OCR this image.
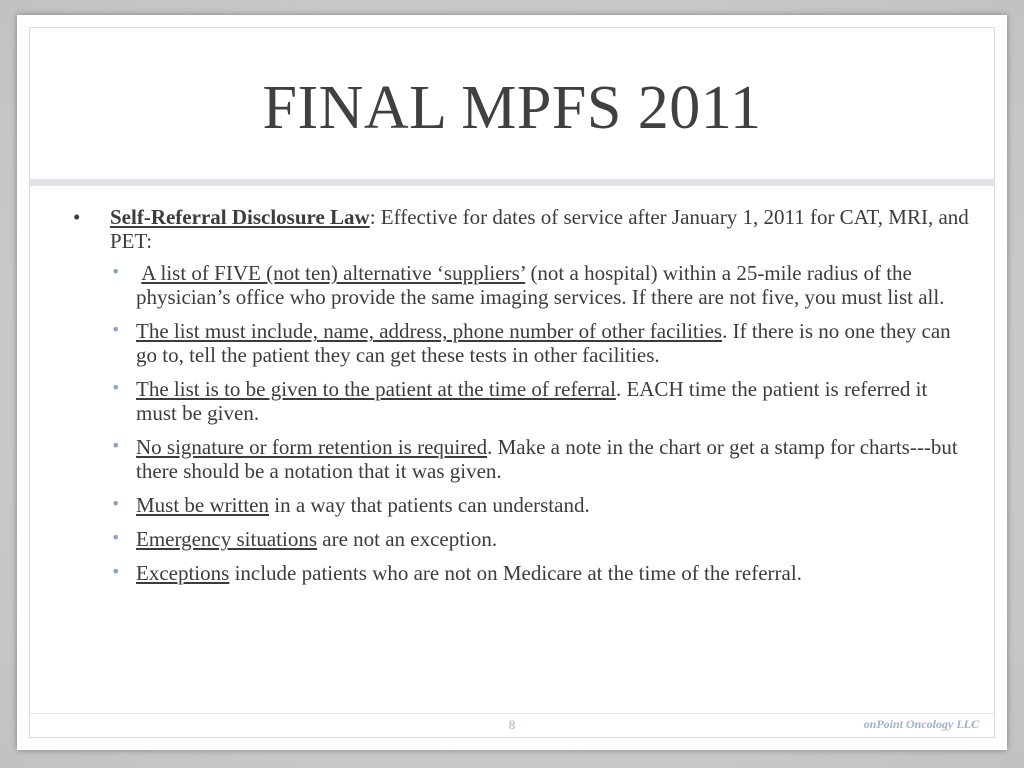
FINAL MPFS 2011
• Self-Referral Disclosure Law: Effective for dates of service after January 1, 2011 for CAT, MRI, and PET:
• A list of FIVE (not ten) alternative ‘suppliers’ (not a hospital) within a 25-mile radius of the physician’s office who provide the same imaging services. If there are not five, you must list all.
• The list must include, name, address, phone number of other facilities. If there is no one they can go to, tell the patient they can get these tests in other facilities.
• The list is to be given to the patient at the time of referral. EACH time the patient is referred it must be given.
• No signature or form retention is required. Make a note in the chart or get a stamp for charts---but there should be a notation that it was given.
• Must be written in a way that patients can understand.
• Emergency situations are not an exception.
• Exceptions include patients who are not on Medicare at the time of the referral.
8	onPoint Oncology LLC
